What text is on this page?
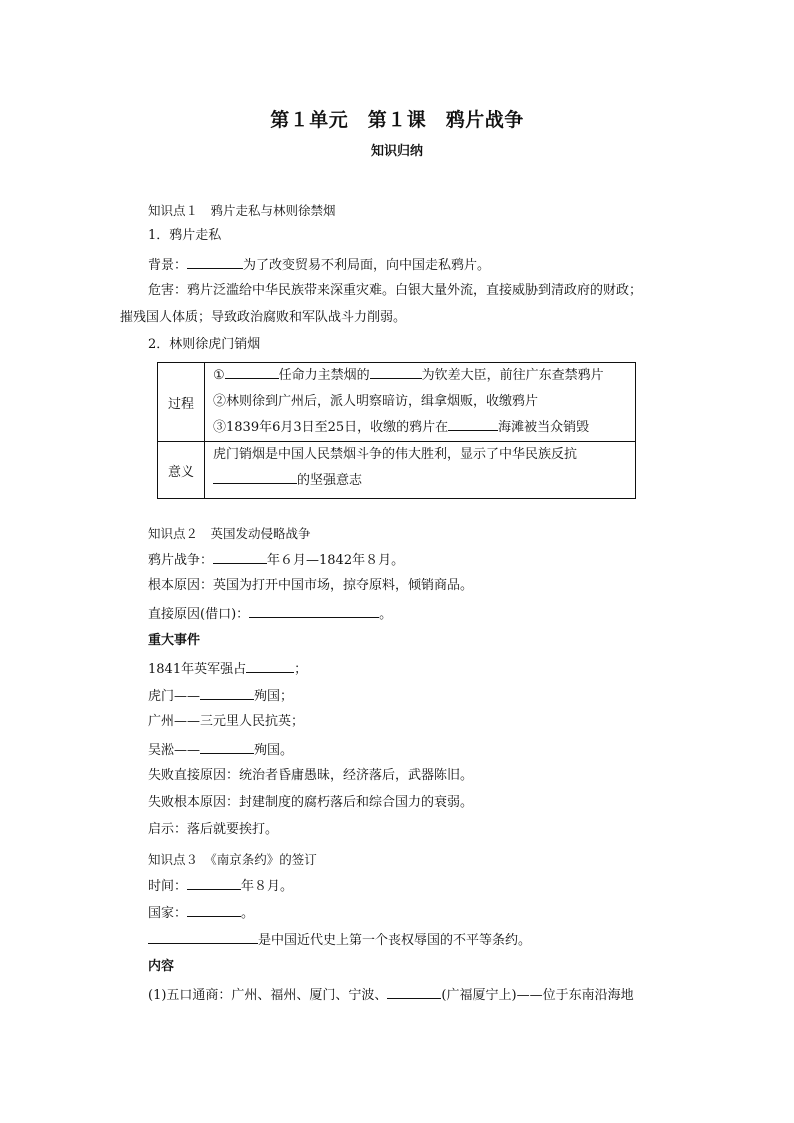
第１单元　第１课　鸦片战争
知识归纳
知识点１　鸦片走私与林则徐禁烟
1．鸦片走私
背景：	为了改变贸易不利局面，向中国走私鸦片。
危害：鸦片泛滥给中华民族带来深重灾难。白银大量外流，直接威胁到清政府的财政；
摧残国人体质；导致政治腐败和军队战斗力削弱。
2．林则徐虎门销烟
过程	① 任命力主禁烟的 为钦差大臣，前往广东查禁鸦片
②林则徐到广州后，派人明察暗访，缉拿烟贩，收缴鸦片
③1839年6月3日至25日，收缴的鸦片在 海滩被当众销毁

意义	虎门销烟是中国人民禁烟斗争的伟大胜利，显示了中华民族反抗
的坚强意志
知识点２　英国发动侵略战争
鸦片战争：	年６月—1842年８月。
根本原因：英国为打开中国市场，掠夺原料，倾销商品。
直接原因(借口)：	。
重大事件
1841年英军强占	；
虎门——	殉国；
广州——三元里人民抗英；
吴淞——	殉国。
失败直接原因：统治者昏庸愚昧，经济落后，武器陈旧。
失败根本原因：封建制度的腐朽落后和综合国力的衰弱。
启示：落后就要挨打。
知识点３　《南京条约》的签订
时间：	年８月。
国家：	。
是中国近代史上第一个丧权辱国的不平等条约。
内容
(1)五口通商：广州、福州、厦门、宁波、	(广福厦宁上)——位于东南沿海地
